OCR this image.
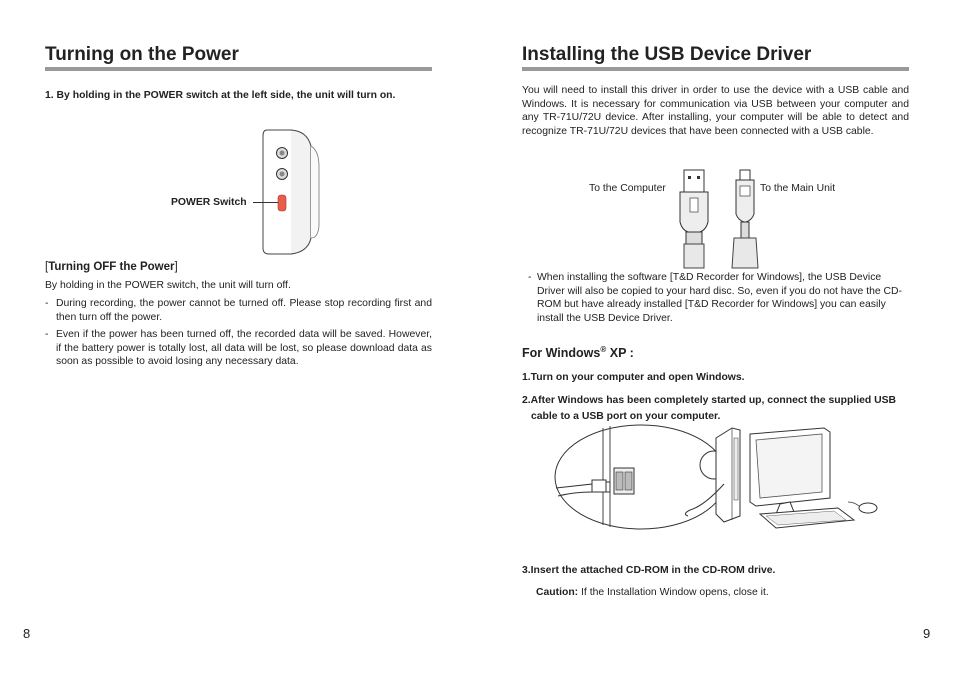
Turning on the Power
1. By holding in the POWER switch at the left side, the unit will turn on.
POWER Switch
[Turning OFF the Power]
By holding in the POWER switch, the unit will turn off.
- During recording, the power cannot be turned off. Please stop recording first and then turn off the power.
- Even if the power has been turned off, the recorded data will be saved. However, if the battery power is totally lost, all data will be lost, so please download data as soon as possible to avoid losing any necessary data.
8
Installing the USB Device Driver
You will need to install this driver in order to use the device with a USB cable and Windows. It is necessary for communication via USB between your computer and any TR-71U/72U device. After installing, your computer will be able to detect and recognize TR-71U/72U devices that have been connected with a USB cable.
To the Computer	To the Main Unit
- When installing the software [T&D Recorder for Windows], the USB Device Driver will also be copied to your hard disc. So, even if you do not have the CD-ROM but have already installed [T&D Recorder for Windows] you can easily install the USB Device Driver.
For Windows® XP :
1.Turn on your computer and open Windows.
2.After Windows has been completely started up, connect the supplied USB cable to a USB port on your computer.
3.Insert the attached CD-ROM in the CD-ROM drive.
Caution: If the Installation Window opens, close it.
9
